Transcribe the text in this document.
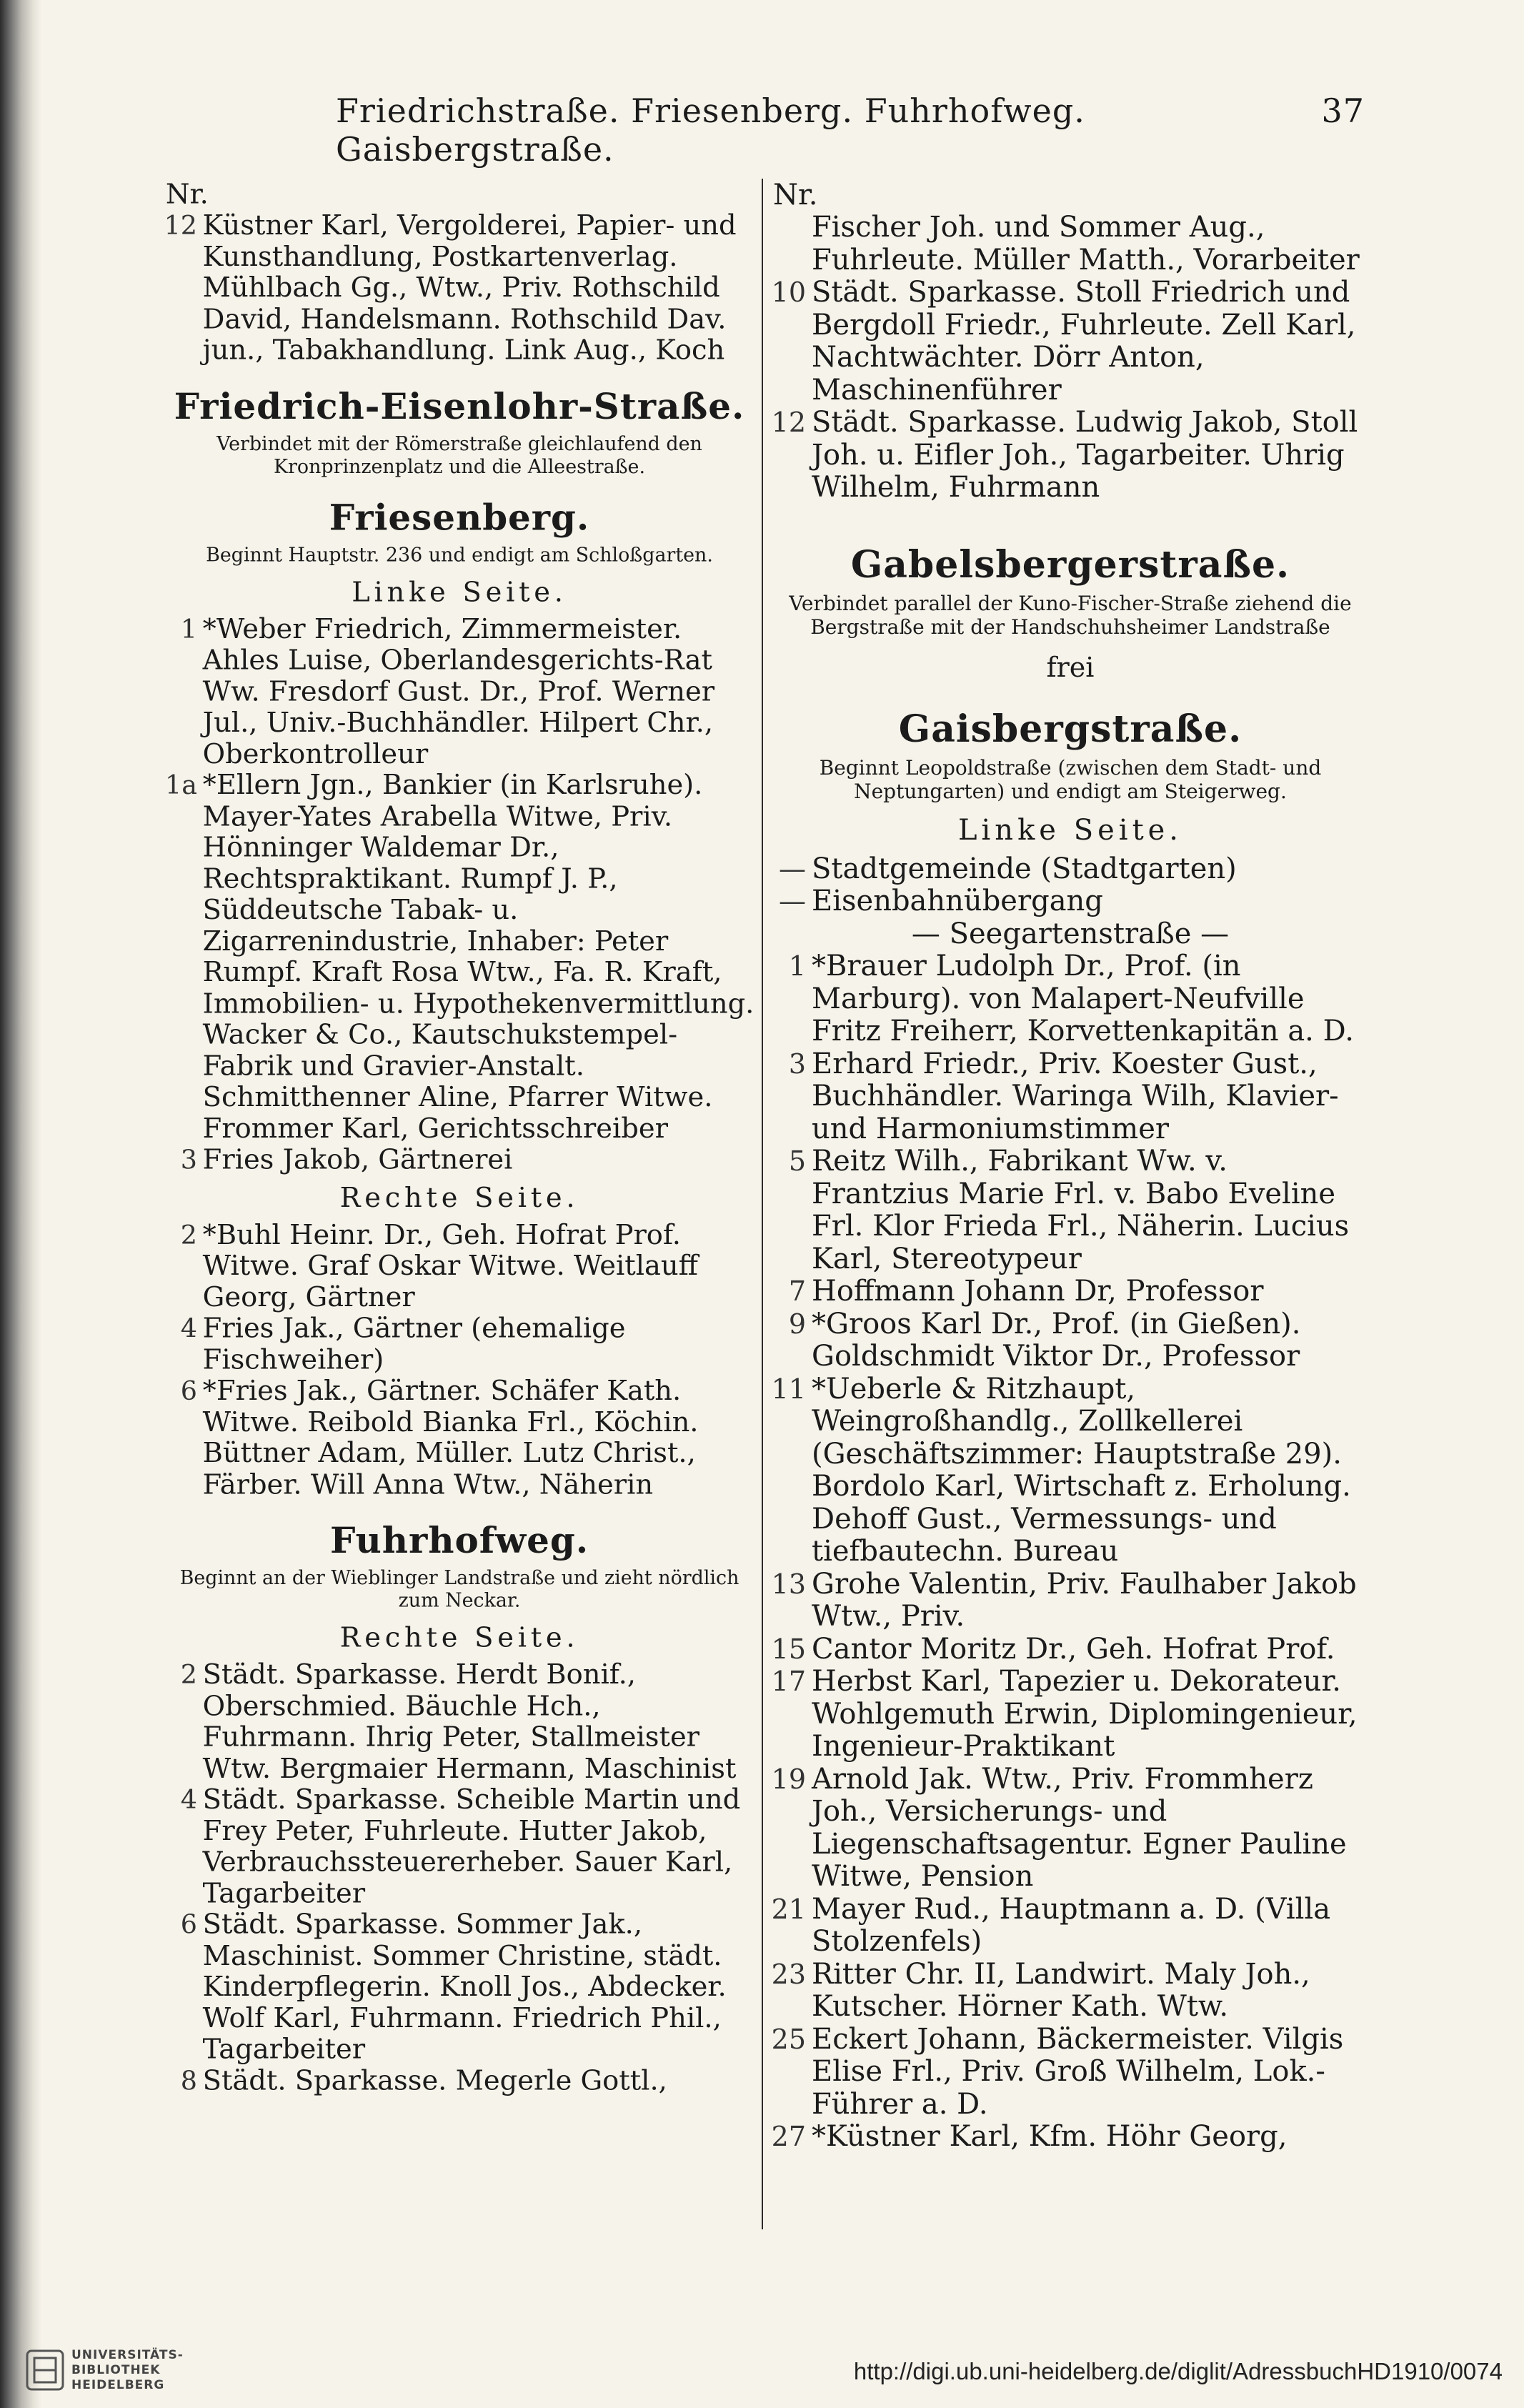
Friedrichstraße. Friesenberg. Fuhrhofweg. Gaisbergstraße.
37
Nr.
12 Küstner Karl, Vergolderei, Papier- und Kunsthandlung, Postkartenverlag. Mühlbach Gg., Wtw., Priv. Rothschild David, Handelsmann. Rothschild Dav. jun., Tabakhandlung. Link Aug., Koch
Friedrich-Eisenlohr-Straße.
Verbindet mit der Römerstraße gleichlaufend den Kronprinzenplatz und die Alleestraße.
Friesenberg.
Beginnt Hauptstr. 236 und endigt am Schloßgarten.
Linke Seite.
1 *Weber Friedrich, Zimmermeister. Ahles Luise, Oberlandesgerichts-Rat Ww. Fresdorf Gust. Dr., Prof. Werner Jul., Univ.-Buchhändler. Hilpert Chr., Oberkontrolleur
1a *Ellern Jgn., Bankier (in Karlsruhe). Mayer-Yates Arabella Witwe, Priv. Hönninger Waldemar Dr., Rechtspraktikant. Rumpf J. P., Süddeutsche Tabak- u. Zigarrenindustrie, Inhaber: Peter Rumpf. Kraft Rosa Wtw., Fa. R. Kraft, Immobilien- u. Hypothekenvermittlung. Wacker & Co., Kautschukstempel-Fabrik und Gravier-Anstalt. Schmitthenner Aline, Pfarrer Witwe. Frommer Karl, Gerichtsschreiber
3 Fries Jakob, Gärtnerei
Rechte Seite.
2 *Buhl Heinr. Dr., Geh. Hofrat Prof. Witwe. Graf Oskar Witwe. Weitlauff Georg, Gärtner
4 Fries Jak., Gärtner (ehemalige Fischweiher)
6 *Fries Jak., Gärtner. Schäfer Kath. Witwe. Reibold Bianka Frl., Köchin. Büttner Adam, Müller. Lutz Christ., Färber. Will Anna Wtw., Näherin
Fuhrhofweg.
Beginnt an der Wieblinger Landstraße und zieht nördlich zum Neckar.
Rechte Seite.
2 Städt. Sparkasse. Herdt Bonif., Oberschmied. Bäuchle Hch., Fuhrmann. Ihrig Peter, Stallmeister Wtw. Bergmaier Hermann, Maschinist
4 Städt. Sparkasse. Scheible Martin und Frey Peter, Fuhrleute. Hutter Jakob, Verbrauchssteuererheber. Sauer Karl, Tagarbeiter
6 Städt. Sparkasse. Sommer Jak., Maschinist. Sommer Christine, städt. Kinderpflegerin. Knoll Jos., Abdecker. Wolf Karl, Fuhrmann. Friedrich Phil., Tagarbeiter
8 Städt. Sparkasse. Megerle Gottl.,
Nr.
Fischer Joh. und Sommer Aug., Fuhrleute. Müller Matth., Vorarbeiter
10 Städt. Sparkasse. Stoll Friedrich und Bergdoll Friedr., Fuhrleute. Zell Karl, Nachtwächter. Dörr Anton, Maschinenführer
12 Städt. Sparkasse. Ludwig Jakob, Stoll Joh. u. Eifler Joh., Tagarbeiter. Uhrig Wilhelm, Fuhrmann
Gabelsbergerstraße.
Verbindet parallel der Kuno-Fischer-Straße ziehend die Bergstraße mit der Handschuhsheimer Landstraße
frei
Gaisbergstraße.
Beginnt Leopoldstraße (zwischen dem Stadt- und Neptungarten) und endigt am Steigerweg.
Linke Seite.
— Stadtgemeinde (Stadtgarten)
— Eisenbahnübergang
— Seegartenstraße —
1 *Brauer Ludolph Dr., Prof. (in Marburg). von Malapert-Neufville Fritz Freiherr, Korvettenkapitän a. D.
3 Erhard Friedr., Priv. Koester Gust., Buchhändler. Waringa Wilh, Klavier- und Harmoniumstimmer
5 Reitz Wilh., Fabrikant Ww. v. Frantzius Marie Frl. v. Babo Eveline Frl. Klor Frieda Frl., Näherin. Lucius Karl, Stereotypeur
7 Hoffmann Johann Dr, Professor
9 *Groos Karl Dr., Prof. (in Gießen). Goldschmidt Viktor Dr., Professor
11 *Ueberle & Ritzhaupt, Weingroßhandlg., Zollkellerei (Geschäftszimmer: Hauptstraße 29). Bordolo Karl, Wirtschaft z. Erholung. Dehoff Gust., Vermessungs- und tiefbautechn. Bureau
13 Grohe Valentin, Priv. Faulhaber Jakob Wtw., Priv.
15 Cantor Moritz Dr., Geh. Hofrat Prof.
17 Herbst Karl, Tapezier u. Dekorateur. Wohlgemuth Erwin, Diplomingenieur, Ingenieur-Praktikant
19 Arnold Jak. Wtw., Priv. Frommherz Joh., Versicherungs- und Liegenschaftsagentur. Egner Pauline Witwe, Pension
21 Mayer Rud., Hauptmann a. D. (Villa Stolzenfels)
23 Ritter Chr. II, Landwirt. Maly Joh., Kutscher. Hörner Kath. Wtw.
25 Eckert Johann, Bäckermeister. Vilgis Elise Frl., Priv. Groß Wilhelm, Lok.-Führer a. D.
27 *Küstner Karl, Kfm. Höhr Georg,
UNIVERSITÄTS-
BIBLIOTHEK
HEIDELBERG
http://digi.ub.uni-heidelberg.de/diglit/AdressbuchHD1910/0074
